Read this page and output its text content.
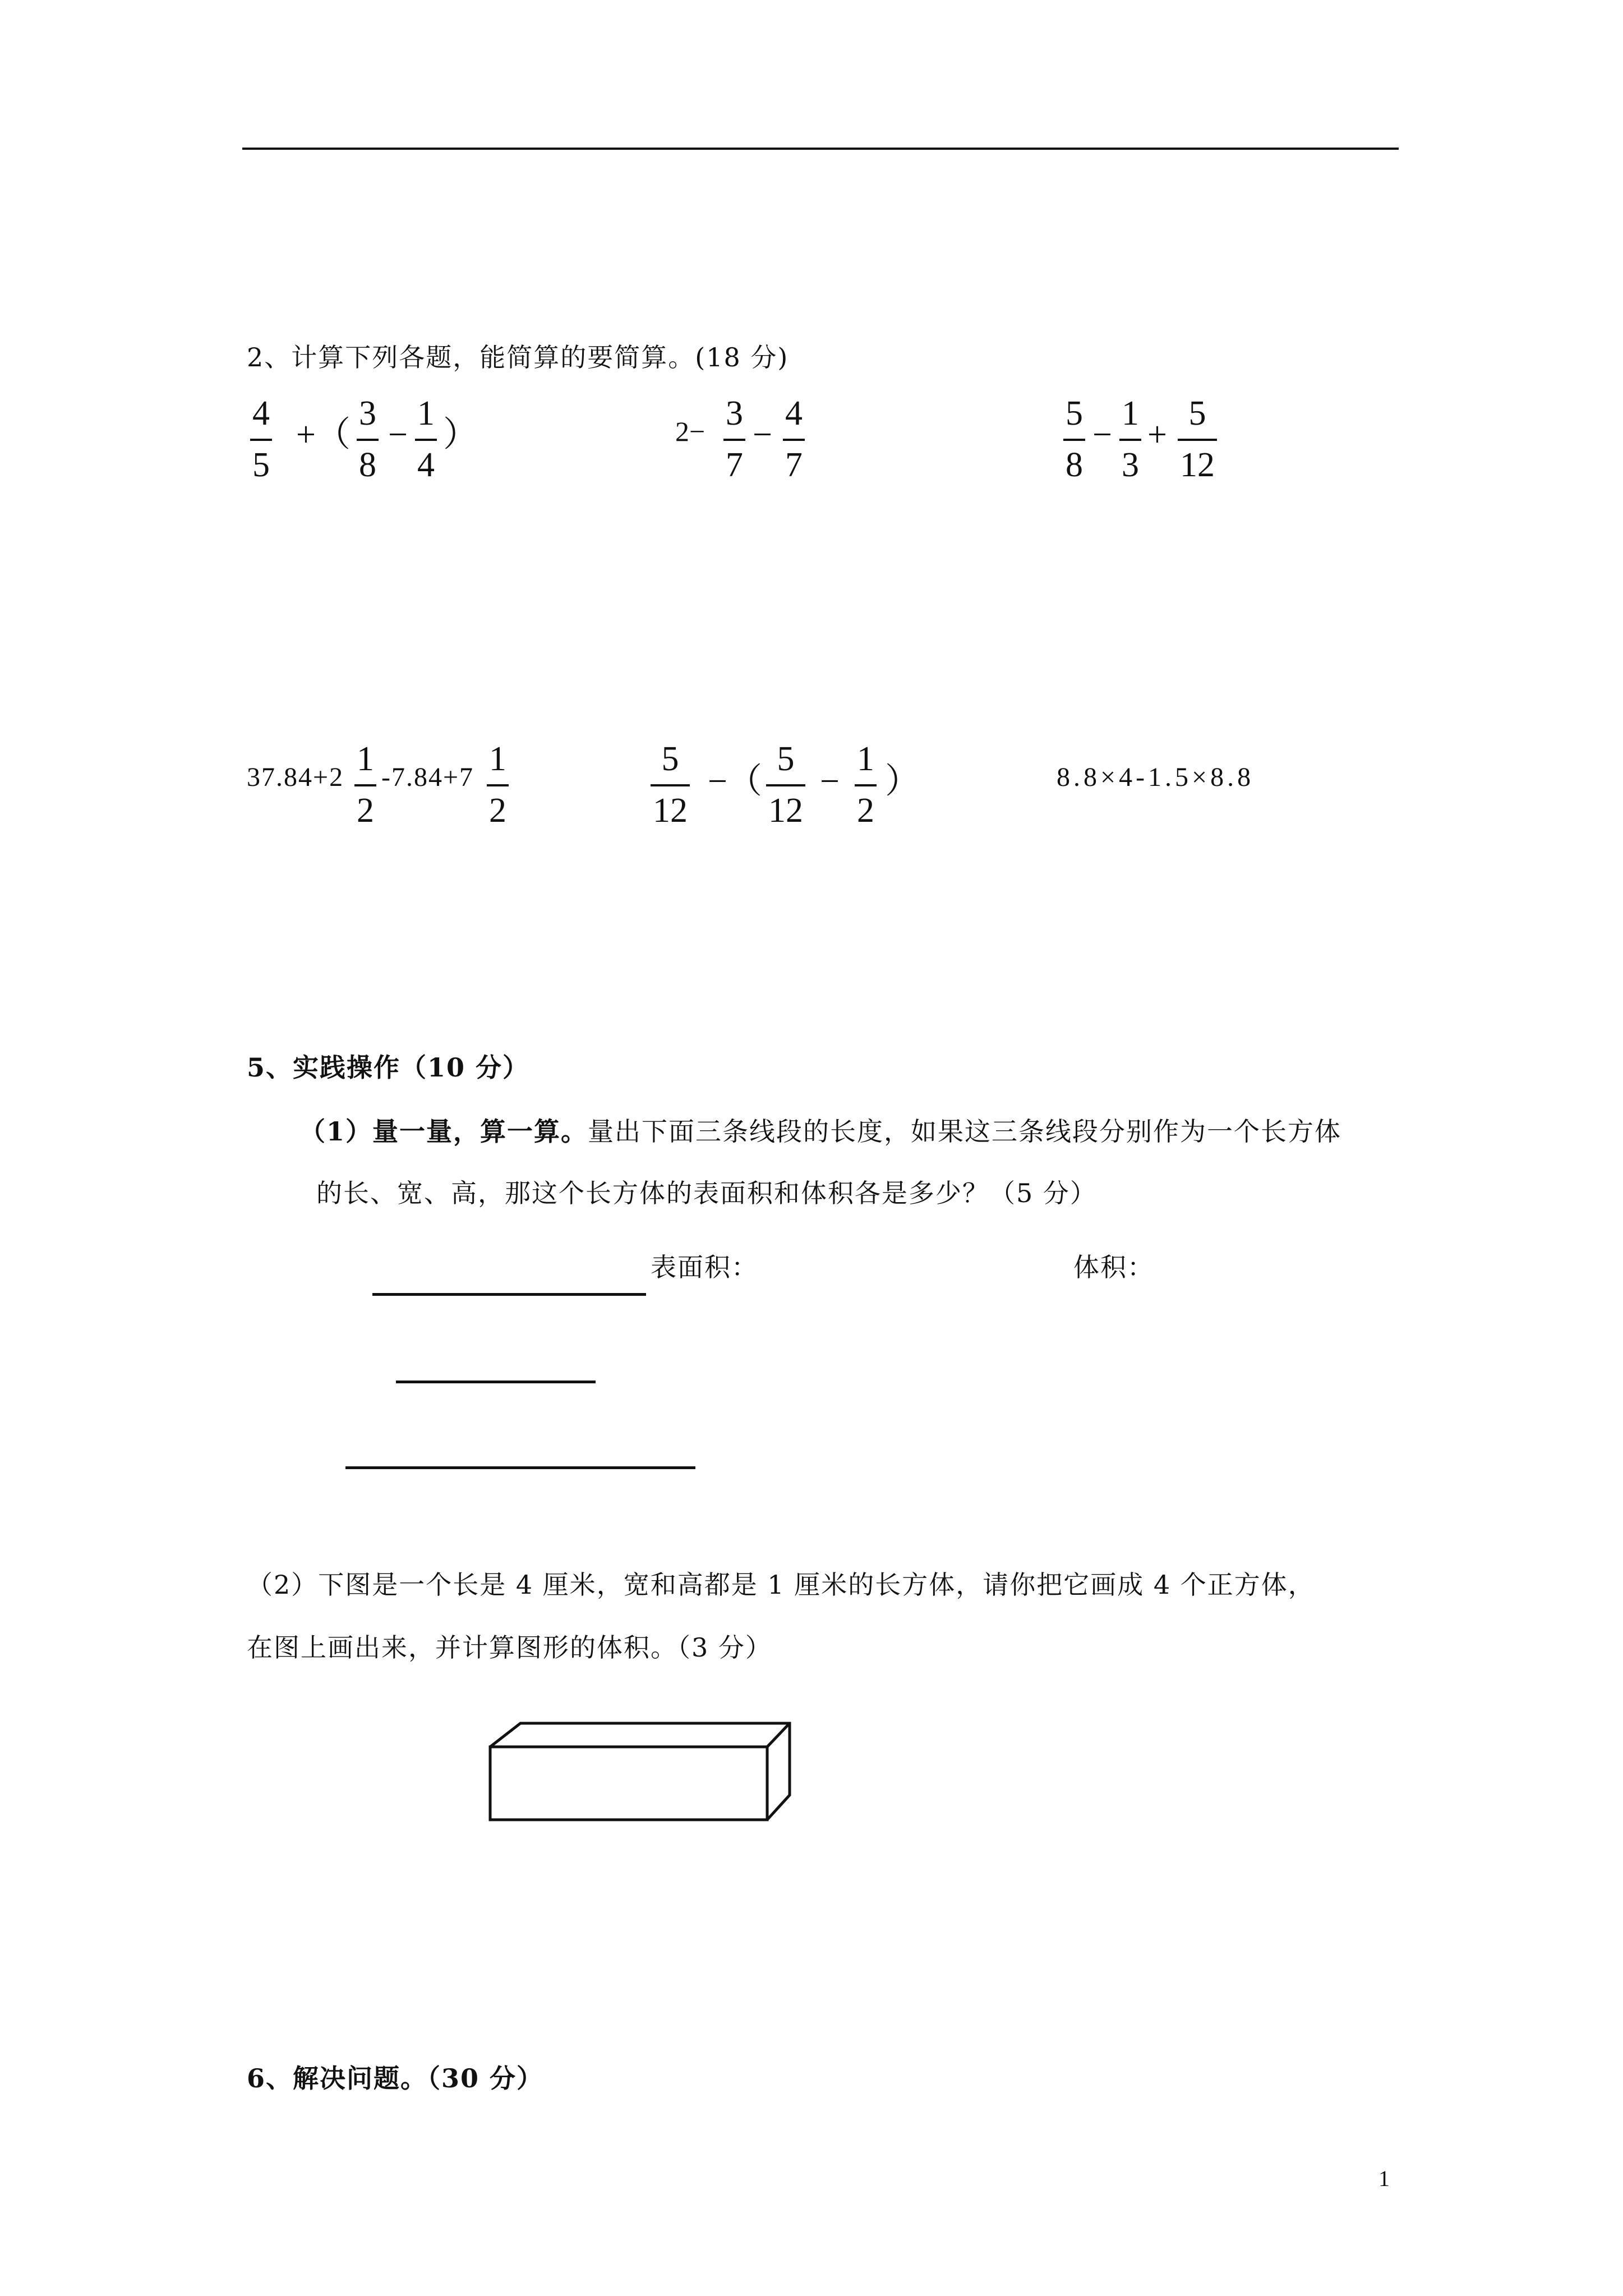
2、计算下列各题，能简算的要简算。(18 分)
4
5
+（
3
8
−
1
4
）	2− 3
7
−
4
7
5
8
−
1
3
+
5
12
37.84+2 1
2
-7.84+7 1
2
5
12
−（
5
12
−
1
2
）	8.8×4-1.5×8.8
5、实践操作（10 分）
（1）量一量，算一算。量出下面三条线段的长度，如果这三条线段分别作为一个长方体
的长、宽、高，那这个长方体的表面积和体积各是多少？（5 分）
表面积：	体积：
（2）下图是一个长是 4 厘米，宽和高都是 1 厘米的长方体，请你把它画成 4 个正方体，
在图上画出来，并计算图形的体积。（3 分）
6、解决问题。（30 分）
1
